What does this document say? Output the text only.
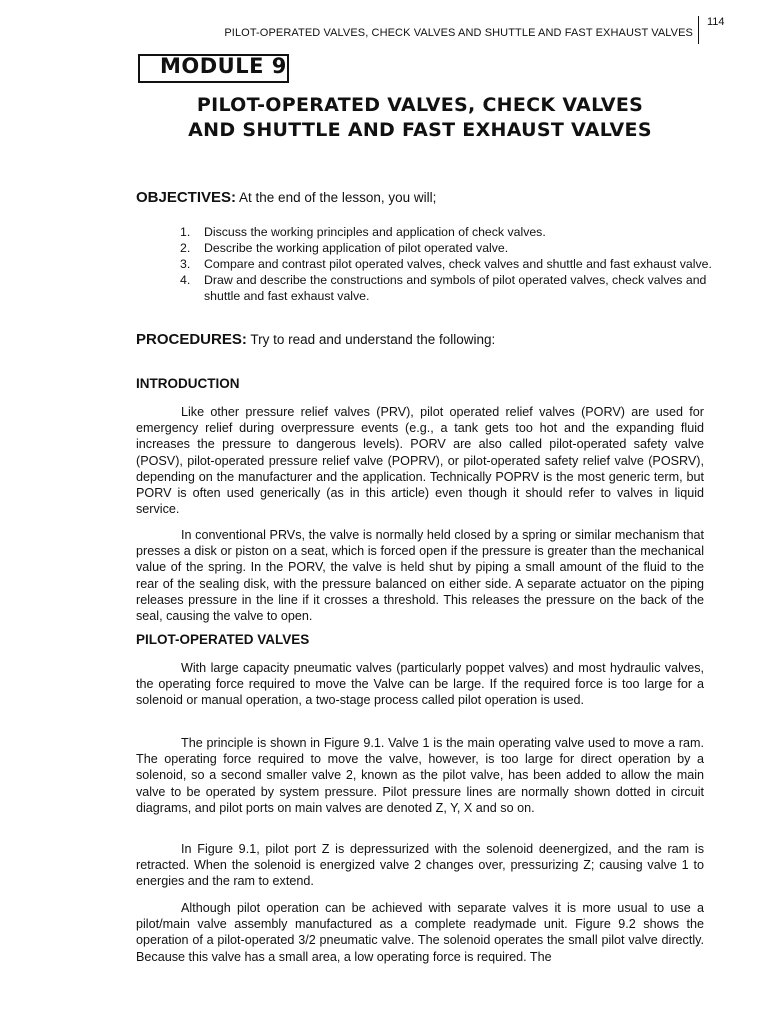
PILOT-OPERATED VALVES, CHECK VALVES AND SHUTTLE AND FAST EXHAUST VALVES
114
MODULE 9
PILOT-OPERATED VALVES, CHECK VALVES
AND SHUTTLE AND FAST EXHAUST VALVES
OBJECTIVES: At the end of the lesson, you will;
1. Discuss the working principles and application of check valves.
2. Describe the working application of pilot operated valve.
3. Compare and contrast pilot operated valves, check valves and shuttle and fast exhaust valve.
4. Draw and describe the constructions and symbols of pilot operated valves, check valves and shuttle and fast exhaust valve.
PROCEDURES: Try to read and understand the following:
INTRODUCTION

Like other pressure relief valves (PRV), pilot operated relief valves (PORV) are used for emergency relief during overpressure events (e.g., a tank gets too hot and the expanding fluid increases the pressure to dangerous levels). PORV are also called pilot-operated safety valve (POSV), pilot-operated pressure relief valve (POPRV), or pilot-operated safety relief valve (POSRV), depending on the manufacturer and the application. Technically POPRV is the most generic term, but PORV is often used generically (as in this article) even though it should refer to valves in liquid service.

In conventional PRVs, the valve is normally held closed by a spring or similar mechanism that presses a disk or piston on a seat, which is forced open if the pressure is greater than the mechanical value of the spring. In the PORV, the valve is held shut by piping a small amount of the fluid to the rear of the sealing disk, with the pressure balanced on either side. A separate actuator on the piping releases pressure in the line if it crosses a threshold. This releases the pressure on the back of the seal, causing the valve to open.

PILOT-OPERATED VALVES

With large capacity pneumatic valves (particularly poppet valves) and most hydraulic valves, the operating force required to move the Valve can be large. If the required force is too large for a solenoid or manual operation, a two-stage process called pilot operation is used.

The principle is shown in Figure 9.1. Valve 1 is the main operating valve used to move a ram. The operating force required to move the valve, however, is too large for direct operation by a solenoid, so a second smaller valve 2, known as the pilot valve, has been added to allow the main valve to be operated by system pressure. Pilot pressure lines are normally shown dotted in circuit diagrams, and pilot ports on main valves are denoted Z, Y, X and so on.

In Figure 9.1, pilot port Z is depressurized with the solenoid deenergized, and the ram is retracted. When the solenoid is energized valve 2 changes over, pressurizing Z; causing valve 1 to energies and the ram to extend.

Although pilot operation can be achieved with separate valves it is more usual to use a pilot/main valve assembly manufactured as a complete readymade unit. Figure 9.2 shows the operation of a pilot-operated 3/2 pneumatic valve. The solenoid operates the small pilot valve directly. Because this valve has a small area, a low operating force is required. The
